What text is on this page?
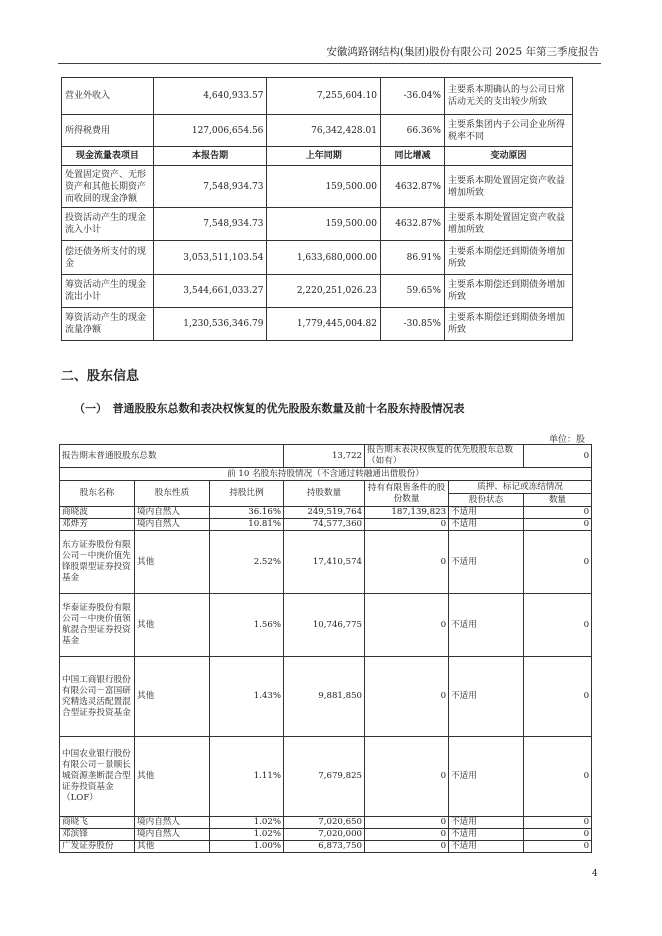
安徽鸿路钢结构(集团)股份有限公司 2025 年第三季度报告
营业外收入	4,640,933.57	7,255,604.10	-36.04%	主要系本期确认的与公司日常活动无关的支出较少所致
所得税费用	127,006,654.56	76,342,428.01	66.36%	主要系集团内子公司企业所得税率不同
现金流量表项目	本报告期	上年同期	同比增减	变动原因
处置固定资产、无形资产和其他长期资产而收回的现金净额	7,548,934.73	159,500.00	4632.87%	主要系本期处置固定资产收益增加所致
投资活动产生的现金流入小计	7,548,934.73	159,500.00	4632.87%	主要系本期处置固定资产收益增加所致
偿还债务所支付的现金	3,053,511,103.54	1,633,680,000.00	86.91%	主要系本期偿还到期债务增加所致
筹资活动产生的现金流出小计	3,544,661,033.27	2,220,251,026.23	59.65%	主要系本期偿还到期债务增加所致
筹资活动产生的现金流量净额	1,230,536,346.79	1,779,445,004.82	-30.85%	主要系本期偿还到期债务增加所致
二、股东信息
（一）　普通股股东总数和表决权恢复的优先股股东数量及前十名股东持股情况表
单位：股
报告期末普通股股东总数			13,722	报告期末表决权恢复的优先股股东总数（如有）		0
前 10 名股东持股情况（不含通过转融通出借股份）						
股东名称	股东性质	持股比例	持股数量	持有有限售条件的股份数量	质押、标记或冻结情况	
					股份状态	数量
商晓波	境内自然人	36.16%	249,519,764	187,139,823	不适用	0
邓烨芳	境内自然人	10.81%	74,577,360	0	不适用	0
东方证券股份有限公司－中庚价值先锋股票型证券投资基金	其他	2.52%	17,410,574	0	不适用	0
华泰证券股份有限公司－中庚价值领航混合型证券投资基金	其他	1.56%	10,746,775	0	不适用	0
中国工商银行股份有限公司－富国研究精选灵活配置混合型证券投资基金	其他	1.43%	9,881,850	0	不适用	0
中国农业银行股份有限公司－景顺长城资源垄断混合型证券投资基金（LOF）	其他	1.11%	7,679,825	0	不适用	0
商晓飞	境内自然人	1.02%	7,020,650	0	不适用	0
邓滨锋	境内自然人	1.02%	7,020,000	0	不适用	0
广发证券股份	其他	1.00%	6,873,750	0	不适用	0
4
